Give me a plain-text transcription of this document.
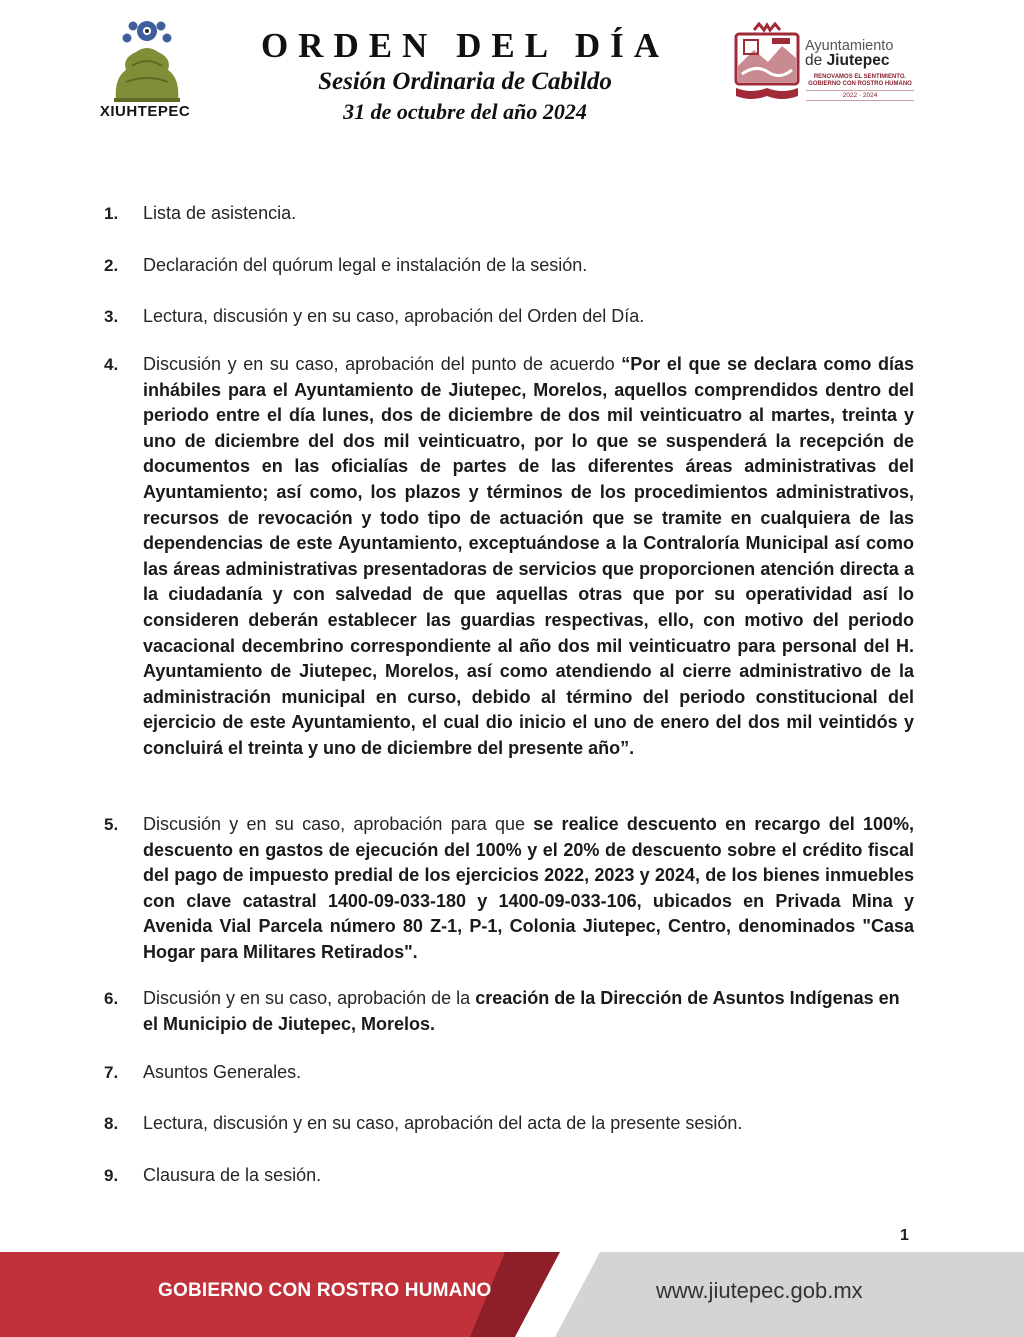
XIUHTEPEC
ORDEN DEL DÍA
Sesión Ordinaria de Cabildo
31 de octubre del año 2024
Ayuntamiento
de Jiutepec
RENOVAMOS EL SENTIMIENTO.
GOBIERNO CON ROSTRO HUMANO
2022 · 2024
1.	Lista de asistencia.
2.	Declaración del quórum legal e instalación de la sesión.
3.	Lectura, discusión y en su caso, aprobación del Orden del Día.
4.	Discusión y en su caso, aprobación del punto de acuerdo “Por el que se declara como días inhábiles para el Ayuntamiento de Jiutepec, Morelos, aquellos comprendidos dentro del periodo entre el día lunes, dos de diciembre de dos mil veinticuatro al martes, treinta y uno de diciembre del dos mil veinticuatro, por lo que se suspenderá la recepción de documentos en las oficialías de partes de las diferentes áreas administrativas del Ayuntamiento; así como, los plazos y términos de los procedimientos administrativos, recursos de revocación y todo tipo de actuación que se tramite en cualquiera de las dependencias de este Ayuntamiento, exceptuándose a la Contraloría Municipal así como las áreas administrativas presentadoras de servicios que proporcionen atención directa a la ciudadanía y con salvedad de que aquellas otras que por su operatividad así lo consideren deberán establecer las guardias respectivas, ello, con motivo del periodo vacacional decembrino correspondiente al año dos mil veinticuatro para personal del H. Ayuntamiento de Jiutepec, Morelos, así como atendiendo al cierre administrativo de la administración municipal en curso, debido al término del periodo constitucional del ejercicio de este Ayuntamiento, el cual dio inicio el uno de enero del dos mil veintidós y concluirá el treinta y uno de diciembre del presente año”.
5.	Discusión y en su caso, aprobación para que se realice descuento en recargo del 100%, descuento en gastos de ejecución del 100% y el 20% de descuento sobre el crédito fiscal del pago de impuesto predial de los ejercicios 2022, 2023 y 2024, de los bienes inmuebles con clave catastral 1400-09-033-180 y 1400-09-033-106, ubicados en Privada Mina y Avenida Vial Parcela número 80 Z-1, P-1, Colonia Jiutepec, Centro, denominados "Casa Hogar para Militares Retirados".
6.	Discusión y en su caso, aprobación de la creación de la Dirección de Asuntos Indígenas en el Municipio de Jiutepec, Morelos.
7.	Asuntos Generales.
8.	Lectura, discusión y en su caso, aprobación del acta de la presente sesión.
9.	Clausura de la sesión.
1
GOBIERNO CON ROSTRO HUMANO	www.jiutepec.gob.mx
